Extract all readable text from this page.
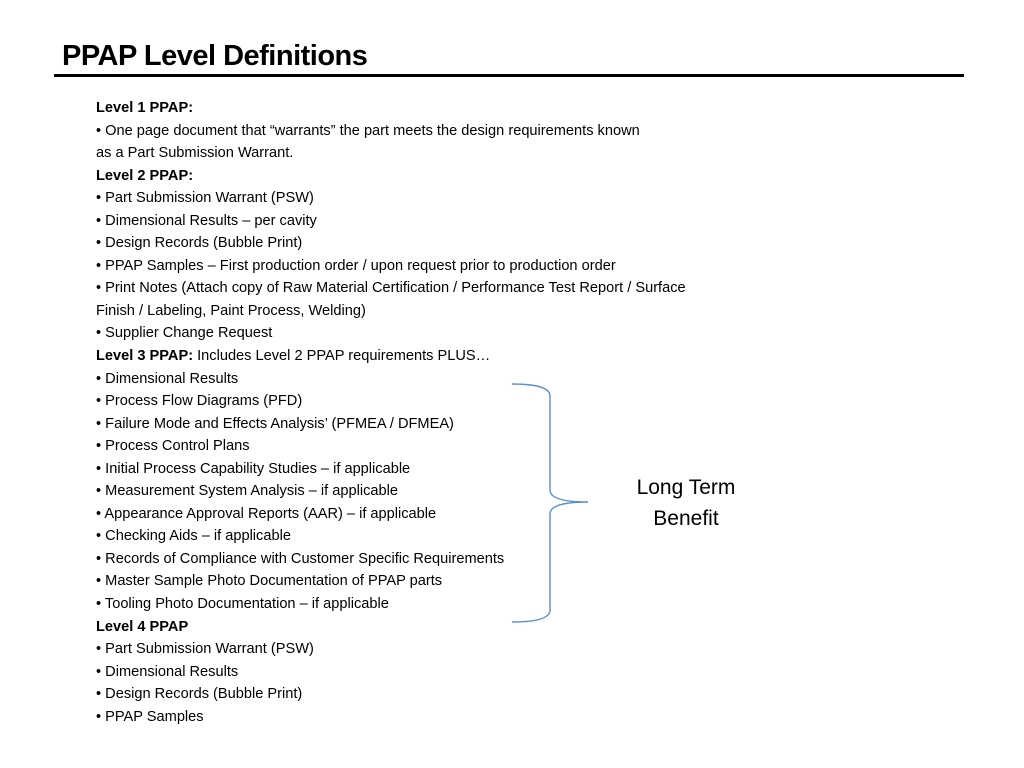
PPAP Level Definitions
Level 1 PPAP:
• One page document that “warrants” the part meets the design requirements known
as a Part Submission Warrant.
Level 2 PPAP:
• Part Submission Warrant (PSW)
• Dimensional Results – per cavity
• Design Records (Bubble Print)
• PPAP Samples – First production order / upon request prior to production order
• Print Notes (Attach copy of Raw Material Certification / Performance Test Report / Surface
Finish / Labeling, Paint Process, Welding)
• Supplier Change Request
Level 3 PPAP: Includes Level 2 PPAP requirements PLUS…
• Dimensional Results
• Process Flow Diagrams (PFD)
• Failure Mode and Effects Analysis’ (PFMEA / DFMEA)
• Process Control Plans
• Initial Process Capability Studies – if applicable
• Measurement System Analysis – if applicable
• Appearance Approval Reports (AAR) – if applicable
• Checking Aids – if applicable
• Records of Compliance with Customer Specific Requirements
• Master Sample Photo Documentation of PPAP parts
• Tooling Photo Documentation – if applicable
Level 4 PPAP
• Part Submission Warrant (PSW)
• Dimensional Results
• Design Records (Bubble Print)
• PPAP Samples
Long Term
Benefit
